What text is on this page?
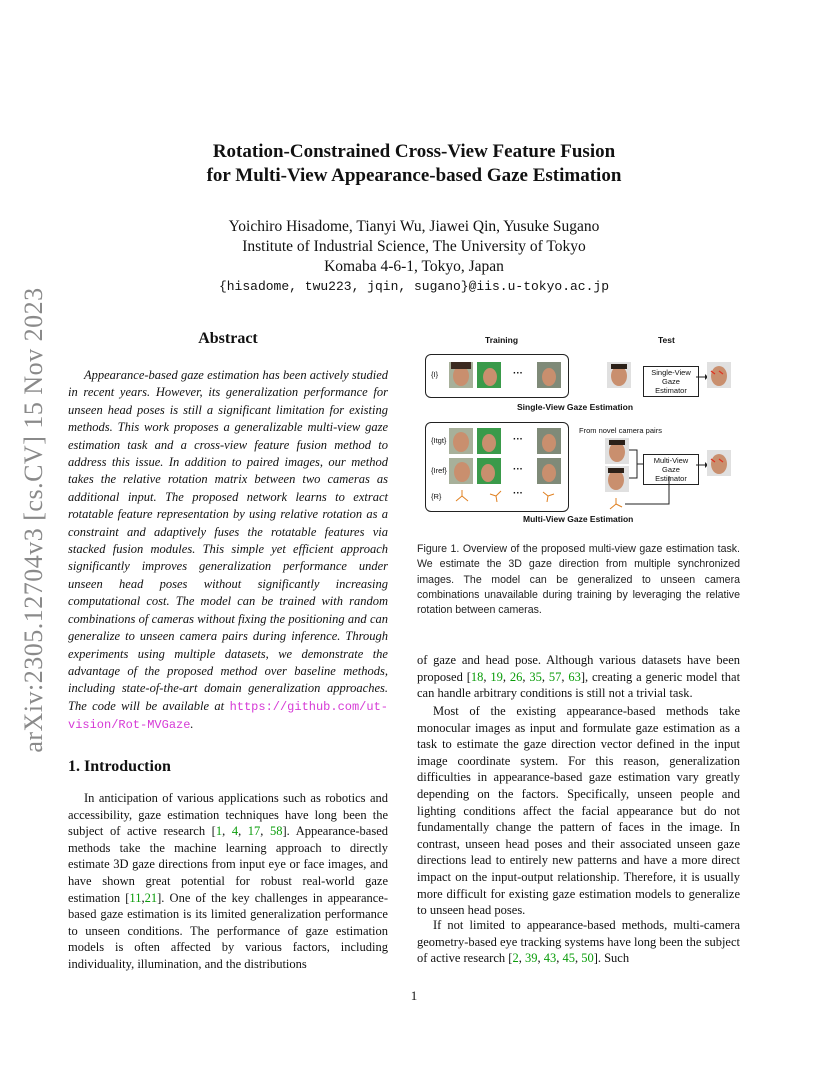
arXiv:2305.12704v3 [cs.CV] 15 Nov 2023
Rotation-Constrained Cross-View Feature Fusion
for Multi-View Appearance-based Gaze Estimation
Yoichiro Hisadome, Tianyi Wu, Jiawei Qin, Yusuke Sugano
Institute of Industrial Science, The University of Tokyo
Komaba 4-6-1, Tokyo, Japan
{hisadome, twu223, jqin, sugano}@iis.u-tokyo.ac.jp
Abstract

Appearance-based gaze estimation has been actively studied in recent years. However, its generalization performance for unseen head poses is still a significant limitation for existing methods. This work proposes a generalizable multi-view gaze estimation task and a cross-view feature fusion method to address this issue. In addition to paired images, our method takes the relative rotation matrix between two cameras as additional input. The proposed network learns to extract rotatable feature representation by using relative rotation as a constraint and adaptively fuses the rotatable features via stacked fusion modules. This simple yet efficient approach significantly improves generalization performance under unseen head poses without significantly increasing computational cost. The model can be trained with random combinations of cameras without fixing the positioning and can generalize to unseen camera pairs during inference. Through experiments using multiple datasets, we demonstrate the advantage of the proposed method over baseline methods, including state-of-the-art domain generalization approaches. The code will be available at https://github.com/ut-vision/Rot-MVGaze.

1. Introduction

In anticipation of various applications such as robotics and accessibility, gaze estimation techniques have long been the subject of active research [1, 4, 17, 58]. Appearance-based methods take the machine learning approach to directly estimate 3D gaze directions from input eye or face images, and have shown great potential for robust real-world gaze estimation [11,21]. One of the key challenges in appearance-based gaze estimation is its limited generalization performance to unseen conditions. The performance of gaze estimation models is often affected by various factors, including individuality, illumination, and the distributions

Training	Test
{I}	···	Single-View
Gaze Estimator
Single-View Gaze Estimation
{Itgt}
{Iref}
{R}
···
···
···
From novel camera pairs
Multi-View
Gaze Estimator
Multi-View Gaze Estimation

Figure 1. Overview of the proposed multi-view gaze estimation task. We estimate the 3D gaze direction from multiple synchronized images. The model can be generalized to unseen camera combinations unavailable during training by leveraging the relative rotation between cameras.

of gaze and head pose. Although various datasets have been proposed [18, 19, 26, 35, 57, 63], creating a generic model that can handle arbitrary conditions is still not a trivial task.

Most of the existing appearance-based methods take monocular images as input and formulate gaze estimation as a task to estimate the gaze direction vector defined in the input image coordinate system. For this reason, generalization difficulties in appearance-based gaze estimation vary greatly depending on the factors. Specifically, unseen people and lighting conditions affect the facial appearance but do not fundamentally change the pattern of faces in the image. In contrast, unseen head poses and their associated unseen gaze directions lead to entirely new patterns and have a more direct impact on the input-output relationship. Therefore, it is usually more difficult for existing gaze estimation models to generalize to unseen head poses.

If not limited to appearance-based methods, multi-camera geometry-based eye tracking systems have long been the subject of active research [2, 39, 43, 45, 50]. Such

1
